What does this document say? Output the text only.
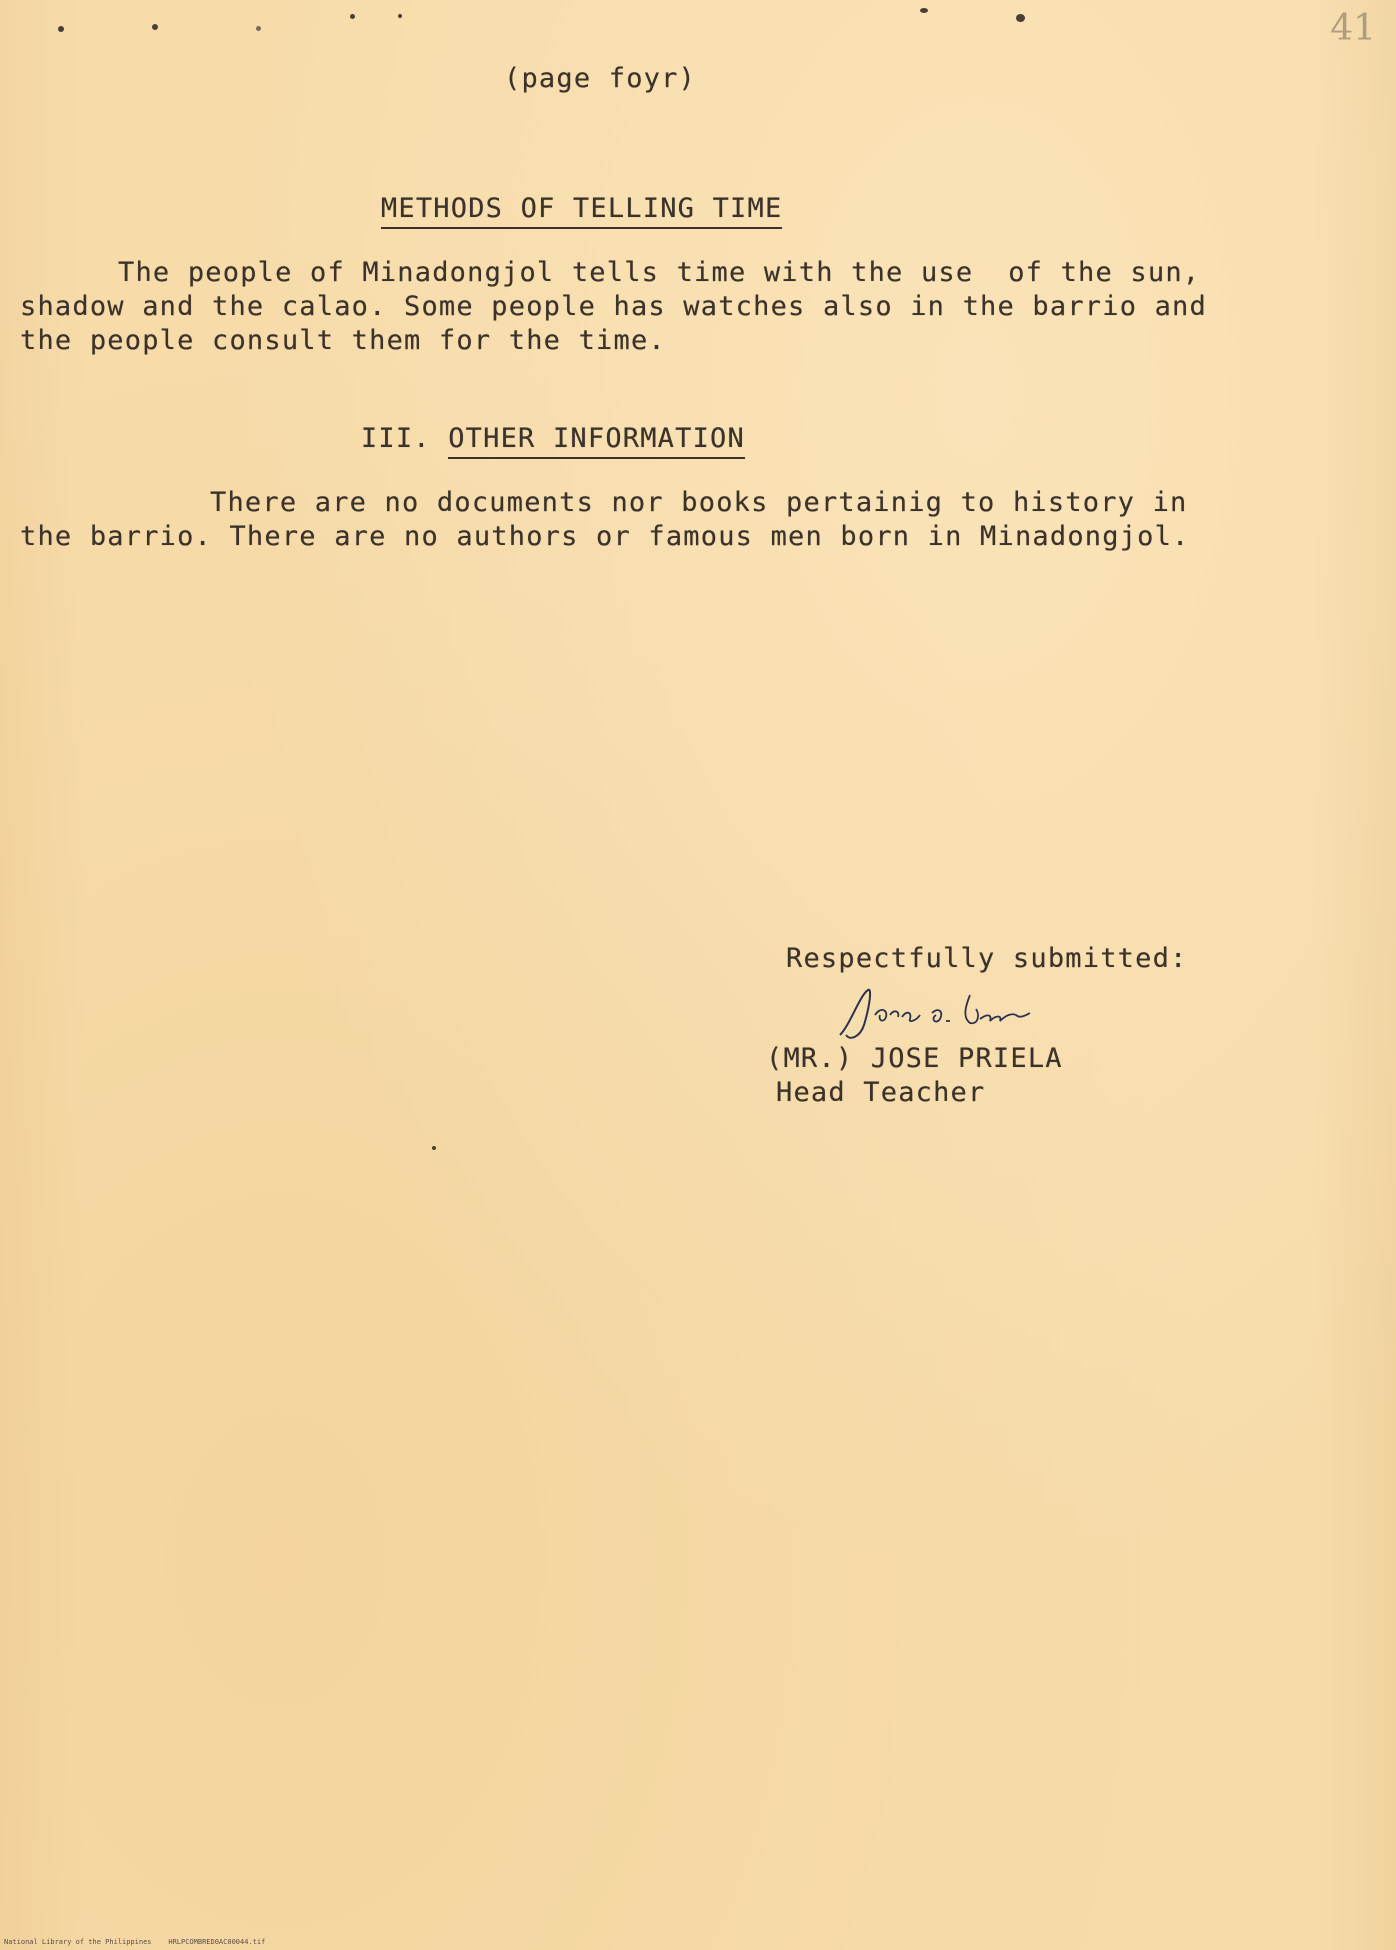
41
(page foyr)

METHODS OF TELLING TIME

The people of Minadongjol tells time with the use  of the sun,
shadow and the calao. Some people has watches also in the barrio and
the people consult them for the time.

III. OTHER INFORMATION

There are no documents nor books pertainig to history in
the barrio. There are no authors or famous men born in Minadongjol.
Respectfully submitted:
(MR.) JOSE PRIELA
Head Teacher
National Library of the Philippines    HRLPCOMBRED0AC00044.tif
